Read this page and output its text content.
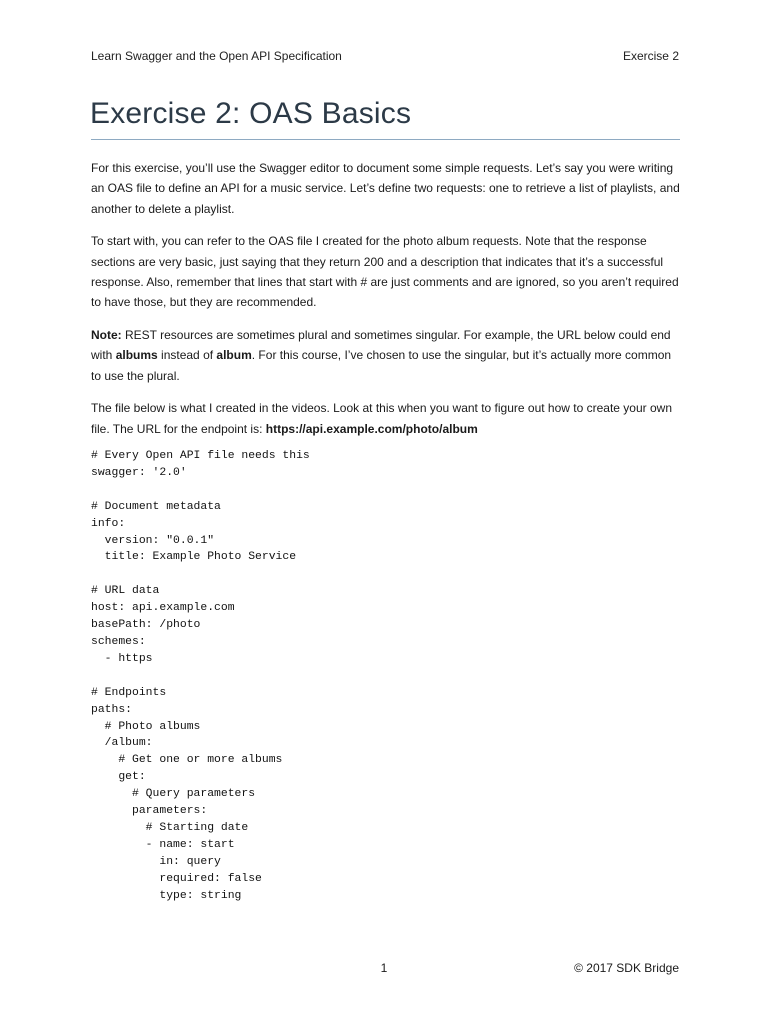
Learn Swagger and the Open API Specification	Exercise 2
Exercise 2: OAS Basics

For this exercise, you’ll use the Swagger editor to document some simple requests. Let’s say you were writing an OAS file to define an API for a music service. Let’s define two requests: one to retrieve a list of playlists, and another to delete a playlist.

To start with, you can refer to the OAS file I created for the photo album requests. Note that the response sections are very basic, just saying that they return 200 and a description that indicates that it’s a successful response. Also, remember that lines that start with # are just comments and are ignored, so you aren’t required to have those, but they are recommended.

Note: REST resources are sometimes plural and sometimes singular. For example, the URL below could end with albums instead of album. For this course, I’ve chosen to use the singular, but it’s actually more common to use the plural.

The file below is what I created in the videos. Look at this when you want to figure out how to create your own file. The URL for the endpoint is: https://api.example.com/photo/album

# Every Open API file needs this
swagger: '2.0'

# Document metadata
info:
version: "0.0.1"
title: Example Photo Service

# URL data
host: api.example.com
basePath: /photo
schemes:
- https

# Endpoints
paths:
# Photo albums
/album:
# Get one or more albums
get:
# Query parameters
parameters:
# Starting date
- name: start
in: query
required: false
type: string
1	© 2017 SDK Bridge
